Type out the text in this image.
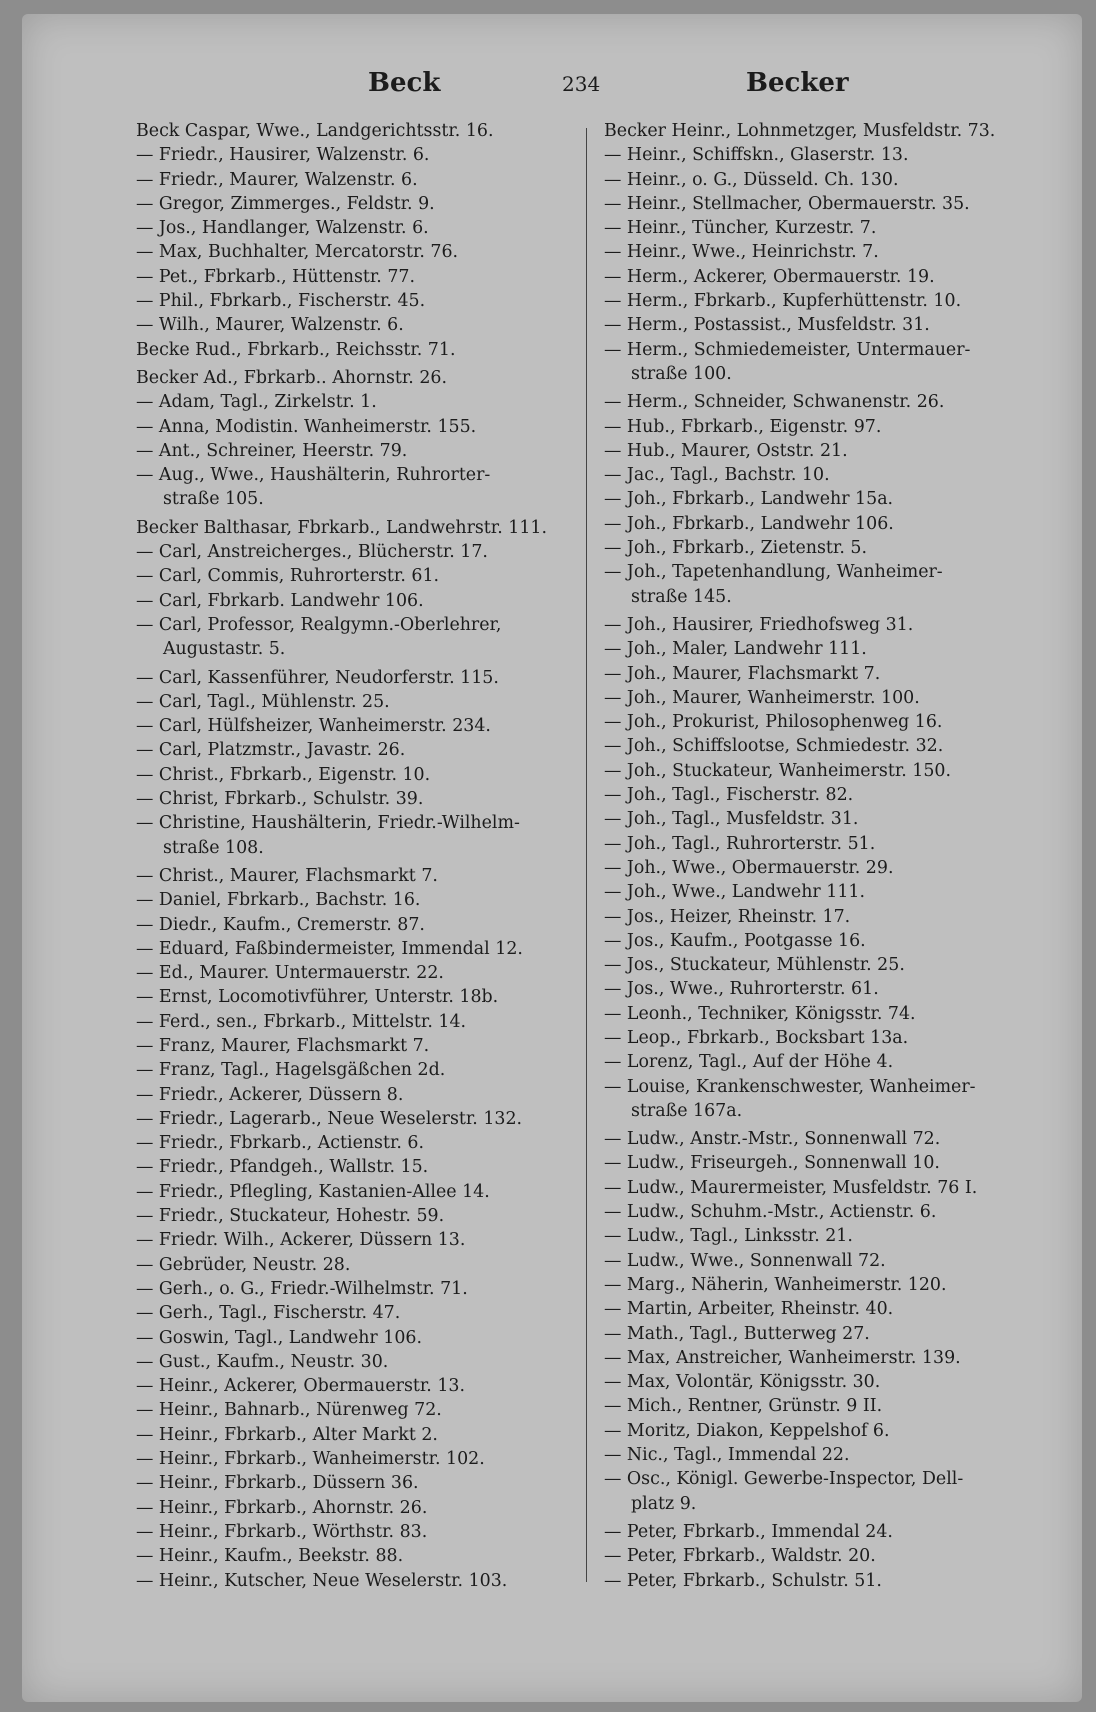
Beck	234	Becker
Beck Caspar, Wwe., Landgerichtsstr. 16.
— Friedr., Hausirer, Walzenstr. 6.
— Friedr., Maurer, Walzenstr. 6.
— Gregor, Zimmerges., Feldstr. 9.
— Jos., Handlanger, Walzenstr. 6.
— Max, Buchhalter, Mercatorstr. 76.
— Pet., Fbrkarb., Hüttenstr. 77.
— Phil., Fbrkarb., Fischerstr. 45.
— Wilh., Maurer, Walzenstr. 6.
Becke Rud., Fbrkarb., Reichsstr. 71.
Becker Ad., Fbrkarb.. Ahornstr. 26.
— Adam, Tagl., Zirkelstr. 1.
— Anna, Modistin. Wanheimerstr. 155.
— Ant., Schreiner, Heerstr. 79.
— Aug., Wwe., Haushälterin, Ruhrorter-
straße 105.
Becker Balthasar, Fbrkarb., Landwehrstr. 111.
— Carl, Anstreicherges., Blücherstr. 17.
— Carl, Commis, Ruhrorterstr. 61.
— Carl, Fbrkarb. Landwehr 106.
— Carl, Professor, Realgymn.-Oberlehrer,
Augustastr. 5.
— Carl, Kassenführer, Neudorferstr. 115.
— Carl, Tagl., Mühlenstr. 25.
— Carl, Hülfsheizer, Wanheimerstr. 234.
— Carl, Platzmstr., Javastr. 26.
— Christ., Fbrkarb., Eigenstr. 10.
— Christ, Fbrkarb., Schulstr. 39.
— Christine, Haushälterin, Friedr.-Wilhelm-
straße 108.
— Christ., Maurer, Flachsmarkt 7.
— Daniel, Fbrkarb., Bachstr. 16.
— Diedr., Kaufm., Cremerstr. 87.
— Eduard, Faßbindermeister, Immendal 12.
— Ed., Maurer. Untermauerstr. 22.
— Ernst, Locomotivführer, Unterstr. 18b.
— Ferd., sen., Fbrkarb., Mittelstr. 14.
— Franz, Maurer, Flachsmarkt 7.
— Franz, Tagl., Hagelsgäßchen 2d.
— Friedr., Ackerer, Düssern 8.
— Friedr., Lagerarb., Neue Weselerstr. 132.
— Friedr., Fbrkarb., Actienstr. 6.
— Friedr., Pfandgeh., Wallstr. 15.
— Friedr., Pflegling, Kastanien-Allee 14.
— Friedr., Stuckateur, Hohestr. 59.
— Friedr. Wilh., Ackerer, Düssern 13.
— Gebrüder, Neustr. 28.
— Gerh., o. G., Friedr.-Wilhelmstr. 71.
— Gerh., Tagl., Fischerstr. 47.
— Goswin, Tagl., Landwehr 106.
— Gust., Kaufm., Neustr. 30.
— Heinr., Ackerer, Obermauerstr. 13.
— Heinr., Bahnarb., Nürenweg 72.
— Heinr., Fbrkarb., Alter Markt 2.
— Heinr., Fbrkarb., Wanheimerstr. 102.
— Heinr., Fbrkarb., Düssern 36.
— Heinr., Fbrkarb., Ahornstr. 26.
— Heinr., Fbrkarb., Wörthstr. 83.
— Heinr., Kaufm., Beekstr. 88.
— Heinr., Kutscher, Neue Weselerstr. 103.
Becker Heinr., Lohnmetzger, Musfeldstr. 73.
— Heinr., Schiffskn., Glaserstr. 13.
— Heinr., o. G., Düsseld. Ch. 130.
— Heinr., Stellmacher, Obermauerstr. 35.
— Heinr., Tüncher, Kurzestr. 7.
— Heinr., Wwe., Heinrichstr. 7.
— Herm., Ackerer, Obermauerstr. 19.
— Herm., Fbrkarb., Kupferhüttenstr. 10.
— Herm., Postassist., Musfeldstr. 31.
— Herm., Schmiedemeister, Untermauer-
straße 100.
— Herm., Schneider, Schwanenstr. 26.
— Hub., Fbrkarb., Eigenstr. 97.
— Hub., Maurer, Oststr. 21.
— Jac., Tagl., Bachstr. 10.
— Joh., Fbrkarb., Landwehr 15a.
— Joh., Fbrkarb., Landwehr 106.
— Joh., Fbrkarb., Zietenstr. 5.
— Joh., Tapetenhandlung, Wanheimer-
straße 145.
— Joh., Hausirer, Friedhofsweg 31.
— Joh., Maler, Landwehr 111.
— Joh., Maurer, Flachsmarkt 7.
— Joh., Maurer, Wanheimerstr. 100.
— Joh., Prokurist, Philosophenweg 16.
— Joh., Schiffslootse, Schmiedestr. 32.
— Joh., Stuckateur, Wanheimerstr. 150.
— Joh., Tagl., Fischerstr. 82.
— Joh., Tagl., Musfeldstr. 31.
— Joh., Tagl., Ruhrorterstr. 51.
— Joh., Wwe., Obermauerstr. 29.
— Joh., Wwe., Landwehr 111.
— Jos., Heizer, Rheinstr. 17.
— Jos., Kaufm., Pootgasse 16.
— Jos., Stuckateur, Mühlenstr. 25.
— Jos., Wwe., Ruhrorterstr. 61.
— Leonh., Techniker, Königsstr. 74.
— Leop., Fbrkarb., Bocksbart 13a.
— Lorenz, Tagl., Auf der Höhe 4.
— Louise, Krankenschwester, Wanheimer-
straße 167a.
— Ludw., Anstr.-Mstr., Sonnenwall 72.
— Ludw., Friseurgeh., Sonnenwall 10.
— Ludw., Maurermeister, Musfeldstr. 76 I.
— Ludw., Schuhm.-Mstr., Actienstr. 6.
— Ludw., Tagl., Linksstr. 21.
— Ludw., Wwe., Sonnenwall 72.
— Marg., Näherin, Wanheimerstr. 120.
— Martin, Arbeiter, Rheinstr. 40.
— Math., Tagl., Butterweg 27.
— Max, Anstreicher, Wanheimerstr. 139.
— Max, Volontär, Königsstr. 30.
— Mich., Rentner, Grünstr. 9 II.
— Moritz, Diakon, Keppelshof 6.
— Nic., Tagl., Immendal 22.
— Osc., Königl. Gewerbe-Inspector, Dell-
platz 9.
— Peter, Fbrkarb., Immendal 24.
— Peter, Fbrkarb., Waldstr. 20.
— Peter, Fbrkarb., Schulstr. 51.
